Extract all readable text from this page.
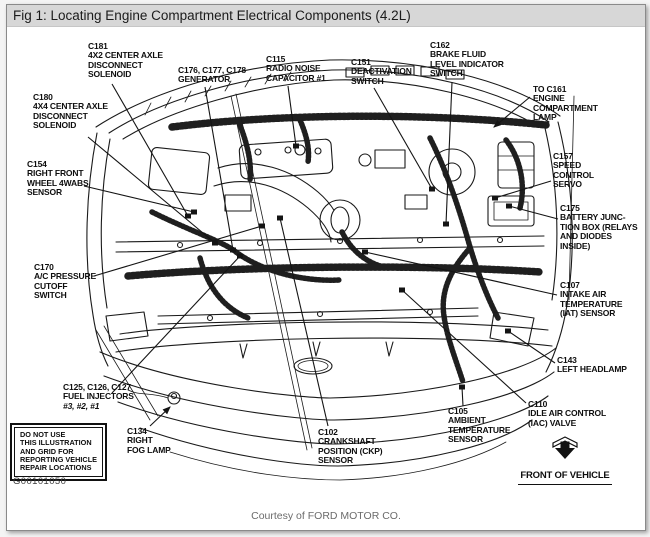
Fig 1: Locating Engine Compartment Electrical Components (4.2L)
C181
4X2 CENTER AXLE
DISCONNECT
SOLENOID
C180
4X4 CENTER AXLE
DISCONNECT
SOLENOID
C176, C177, C178
GENERATOR
C115
RADIO NOISE
CAPACITOR #1
C151
DEACTIVATION
SWITCH
C162
BRAKE FLUID
LEVEL INDICATOR
SWITCH
TO C161
ENGINE
COMPARTMENT
LAMP
C157
SPEED
CONTROL
SERVO
C175
BATTERY JUNC-
TION BOX (RELAYS
AND DIODES
INSIDE)
C107
INTAKE AIR
TEMPERATURE
(IAT) SENSOR
C143
LEFT HEADLAMP
C110
IDLE AIR CONTROL
(IAC) VALVE
C105
AMBIENT
TEMPERATURE
SENSOR
C102
CRANKSHAFT
POSITION (CKP)
SENSOR
C134
RIGHT
FOG LAMP
C125, C126, C127
FUEL INJECTORS
#3, #2, #1
C170
A/C PRESSURE
CUTOFF
SWITCH
C154
RIGHT FRONT
WHEEL 4WABS
SENSOR
DO NOT USE
THIS ILLUSTRATION
AND GRID FOR
REPORTING VEHICLE
REPAIR LOCATIONS
G00101050
FRONT OF VEHICLE
Courtesy of FORD MOTOR CO.
